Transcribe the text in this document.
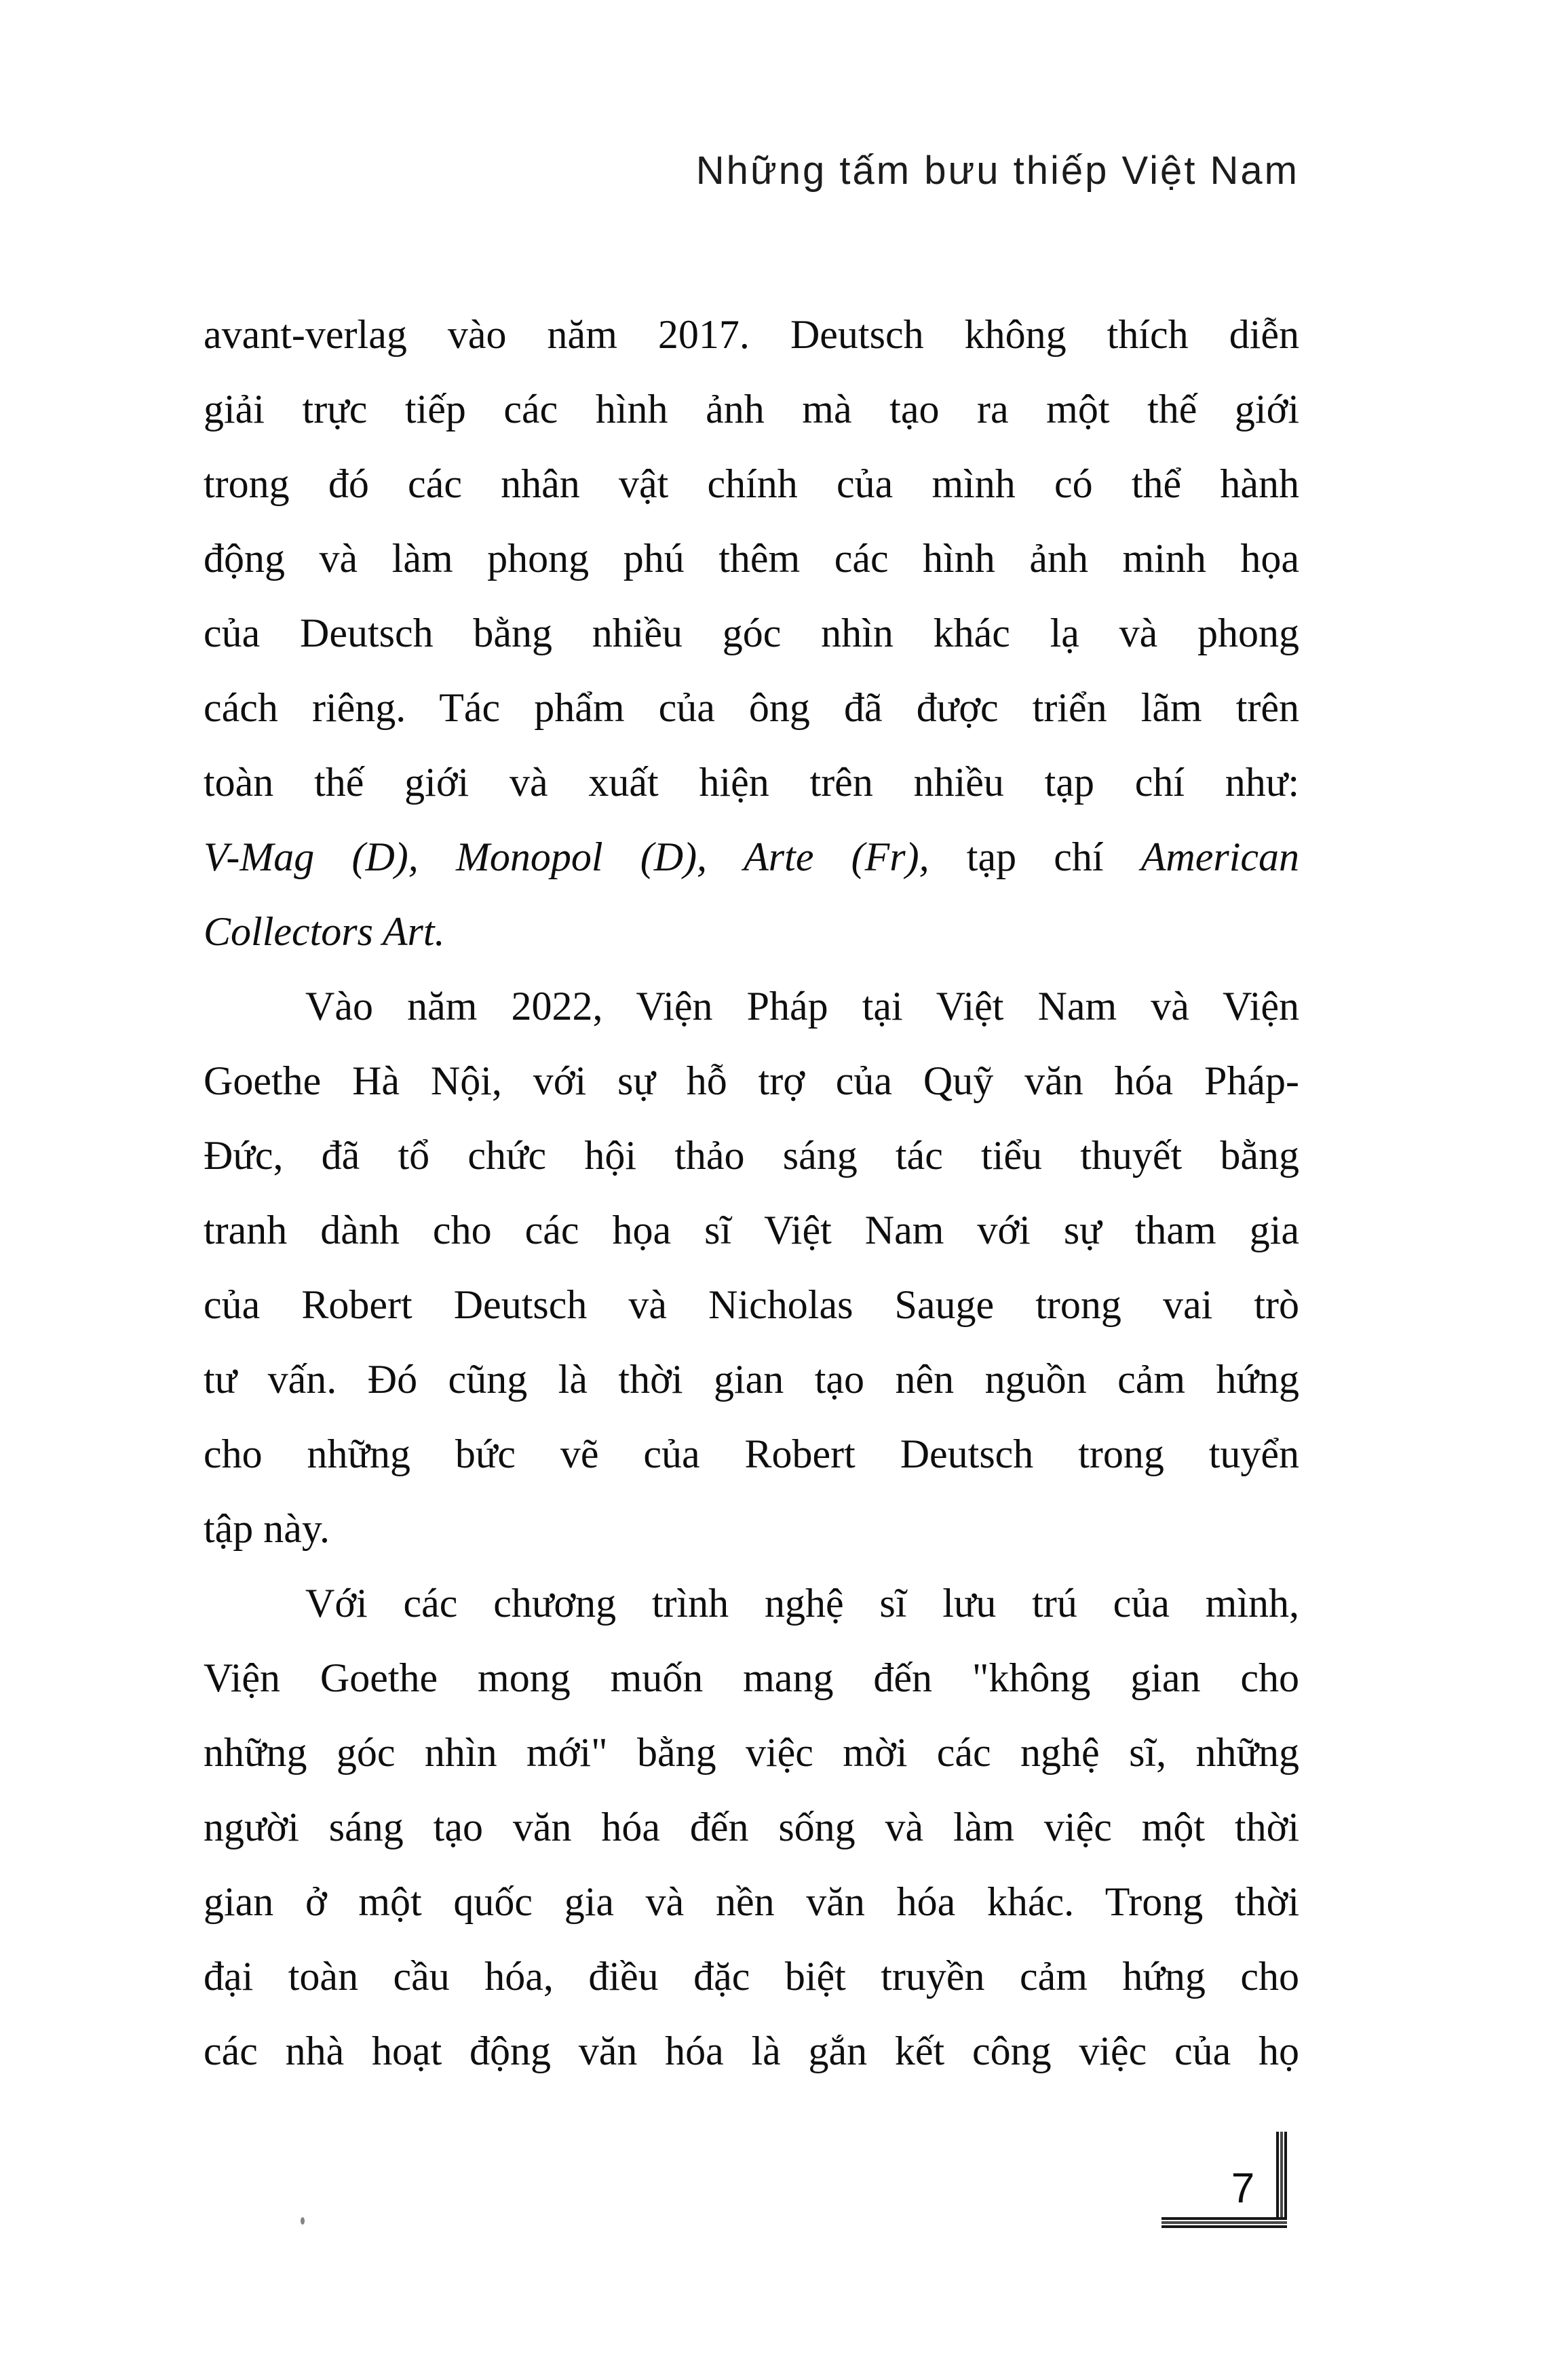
Những tấm bưu thiếp Việt Nam
avant-verlag vào năm 2017. Deutsch không thích diễn
giải trực tiếp các hình ảnh mà tạo ra một thế giới
trong đó các nhân vật chính của mình có thể hành
động và làm phong phú thêm các hình ảnh minh họa
của Deutsch bằng nhiều góc nhìn khác lạ và phong
cách riêng. Tác phẩm của ông đã được triển lãm trên
toàn thế giới và xuất hiện trên nhiều tạp chí như:
V-Mag (D), Monopol (D), Arte (Fr), tạp chí American
Collectors Art.
Vào năm 2022, Viện Pháp tại Việt Nam và Viện
Goethe Hà Nội, với sự hỗ trợ của Quỹ văn hóa Pháp-
Đức, đã tổ chức hội thảo sáng tác tiểu thuyết bằng
tranh dành cho các họa sĩ Việt Nam với sự tham gia
của Robert Deutsch và Nicholas Sauge trong vai trò
tư vấn. Đó cũng là thời gian tạo nên nguồn cảm hứng
cho những bức vẽ của Robert Deutsch trong tuyển
tập này.
Với các chương trình nghệ sĩ lưu trú của mình,
Viện Goethe mong muốn mang đến "không gian cho
những góc nhìn mới" bằng việc mời các nghệ sĩ, những
người sáng tạo văn hóa đến sống và làm việc một thời
gian ở một quốc gia và nền văn hóa khác. Trong thời
đại toàn cầu hóa, điều đặc biệt truyền cảm hứng cho
các nhà hoạt động văn hóa là gắn kết công việc của họ
7
